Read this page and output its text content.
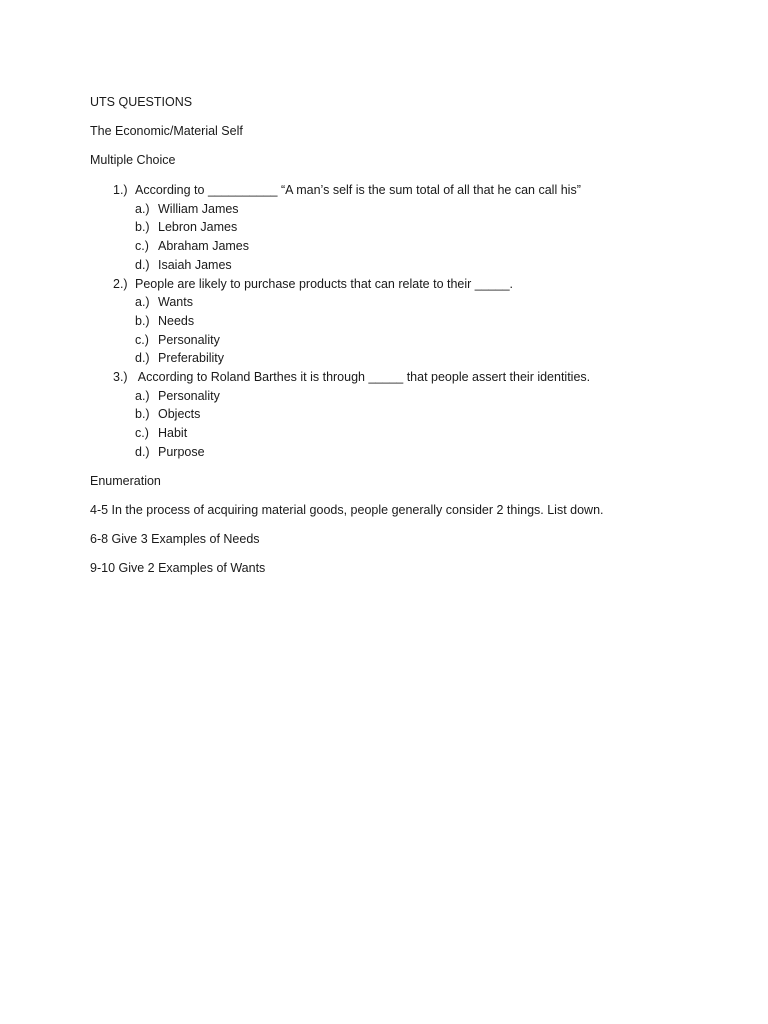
UTS QUESTIONS

The Economic/Material Self

Multiple Choice

1.) According to __________ “A man’s self is the sum total of all that he can call his”
a.) William James
b.) Lebron James
c.) Abraham James
d.) Isaiah James
2.) People are likely to purchase products that can relate to their _____.
a.) Wants
b.) Needs
c.) Personality
d.) Preferability
3.) According to Roland Barthes it is through _____ that people assert their identities.
a.) Personality
b.) Objects
c.) Habit
d.) Purpose

Enumeration

4-5 In the process of acquiring material goods, people generally consider 2 things. List down.

6-8 Give 3 Examples of Needs

9-10 Give 2 Examples of Wants
